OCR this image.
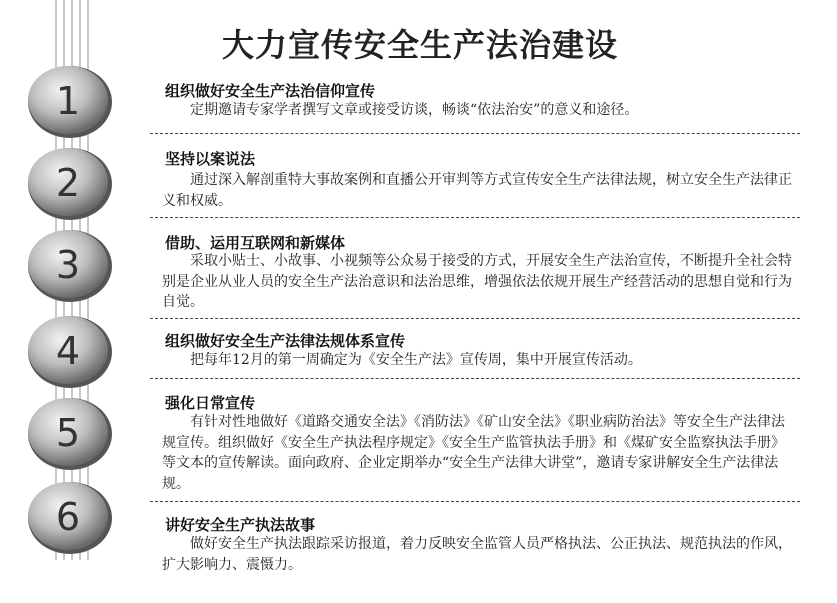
大力宣传安全生产法治建设
1
2
3
4
5
6
组织做好安全生产法治信仰宣传
定期邀请专家学者撰写文章或接受访谈，畅谈“依法治安”的意义和途径。
坚持以案说法
通过深入解剖重特大事故案例和直播公开审判等方式宣传安全生产法律法规，树立安全生产法律正义和权威。
借助、运用互联网和新媒体
采取小贴士、小故事、小视频等公众易于接受的方式，开展安全生产法治宣传，不断提升全社会特别是企业从业人员的安全生产法治意识和法治思维，增强依法依规开展生产经营活动的思想自觉和行为自觉。
组织做好安全生产法律法规体系宣传
把每年12月的第一周确定为《安全生产法》宣传周，集中开展宣传活动。
强化日常宣传
有针对性地做好《道路交通安全法》《消防法》《矿山安全法》《职业病防治法》等安全生产法律法规宣传。组织做好《安全生产执法程序规定》《安全生产监管执法手册》和《煤矿安全监察执法手册》等文本的宣传解读。面向政府、企业定期举办“安全生产法律大讲堂”，邀请专家讲解安全生产法律法规。
讲好安全生产执法故事
做好安全生产执法跟踪采访报道，着力反映安全监管人员严格执法、公正执法、规范执法的作风，扩大影响力、震慑力。
